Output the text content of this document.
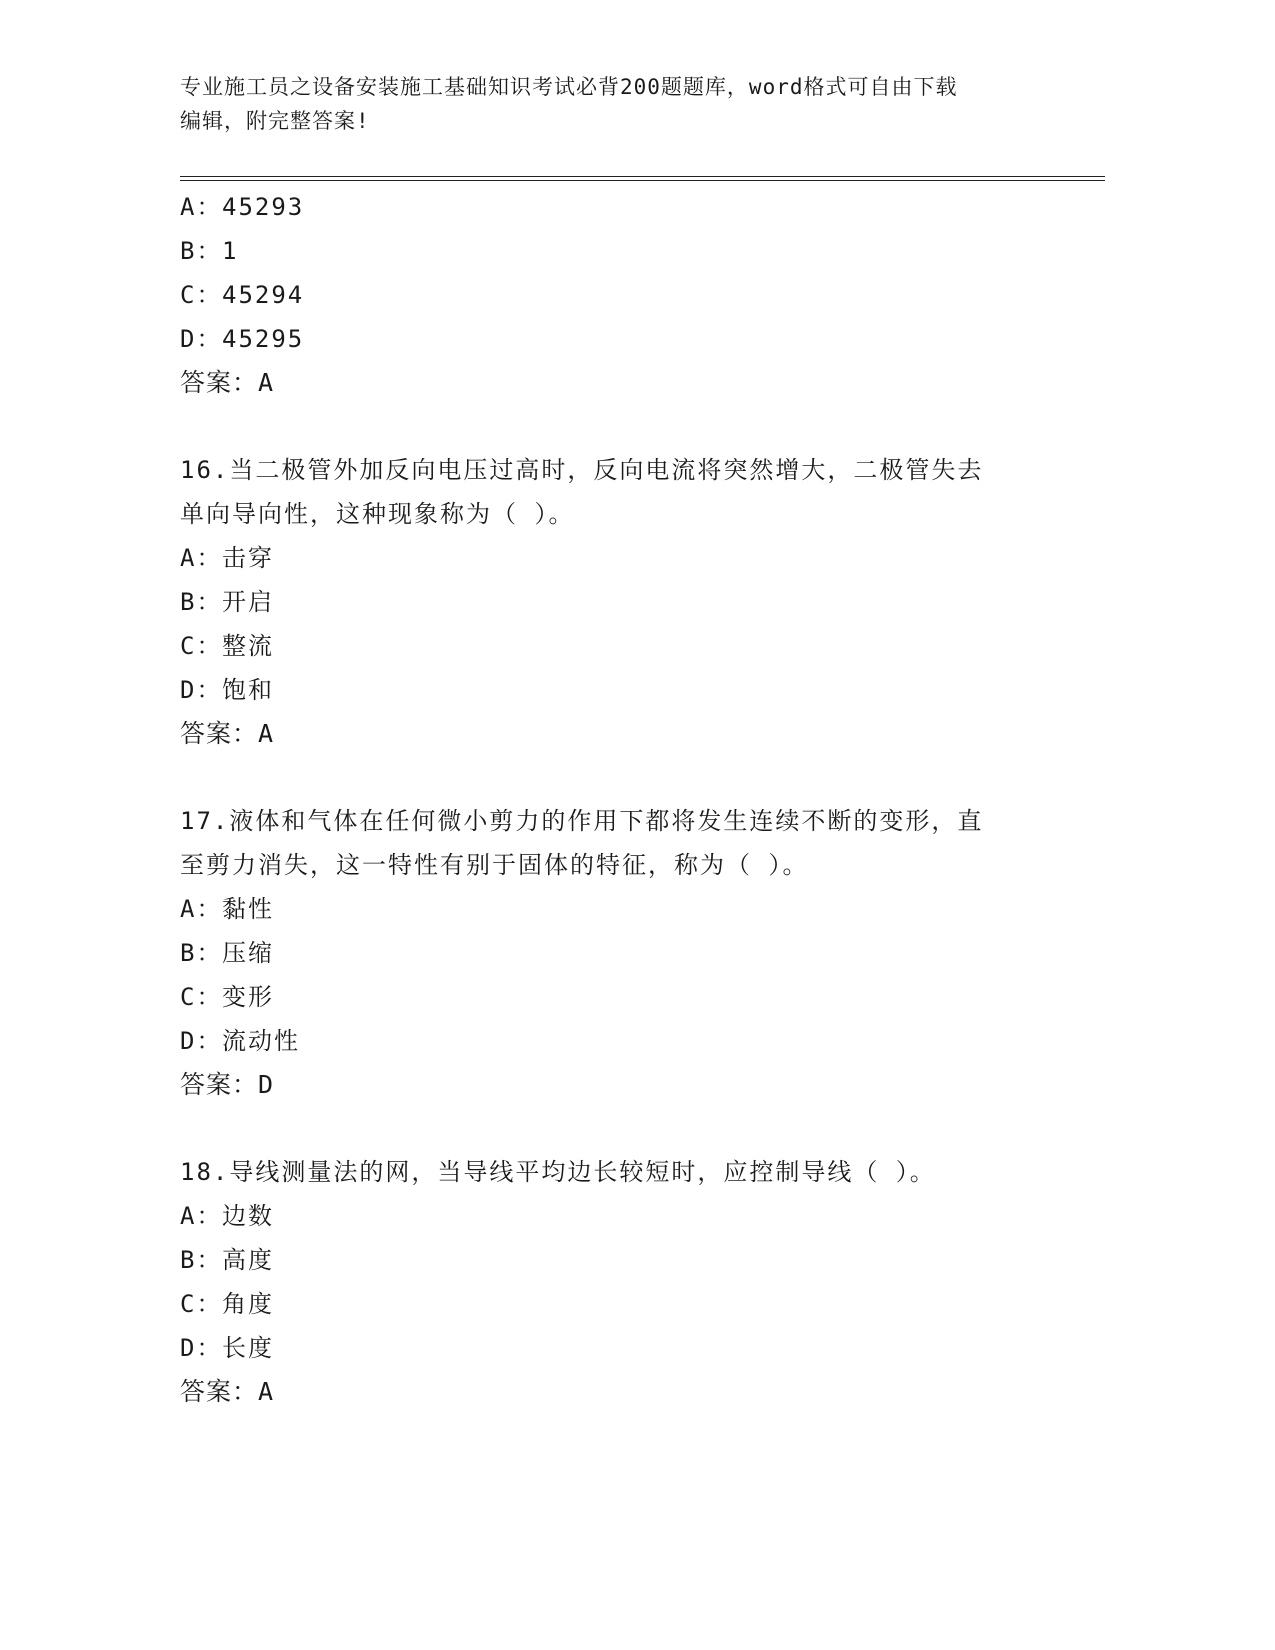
专业施工员之设备安装施工基础知识考试必背200题题库，word格式可自由下载
编辑，附完整答案!
A：45293
B：1
C：45294
D：45295
答案：A
16.当二极管外加反向电压过高时，反向电流将突然增大，二极管失去
单向导向性，这种现象称为（ ）。
A：击穿
B：开启
C：整流
D：饱和
答案：A
17.液体和气体在任何微小剪力的作用下都将发生连续不断的变形，直
至剪力消失，这一特性有别于固体的特征，称为（ ）。
A：黏性
B：压缩
C：变形
D：流动性
答案：D
18.导线测量法的网，当导线平均边长较短时，应控制导线（ ）。
A：边数
B：高度
C：角度
D：长度
答案：A
